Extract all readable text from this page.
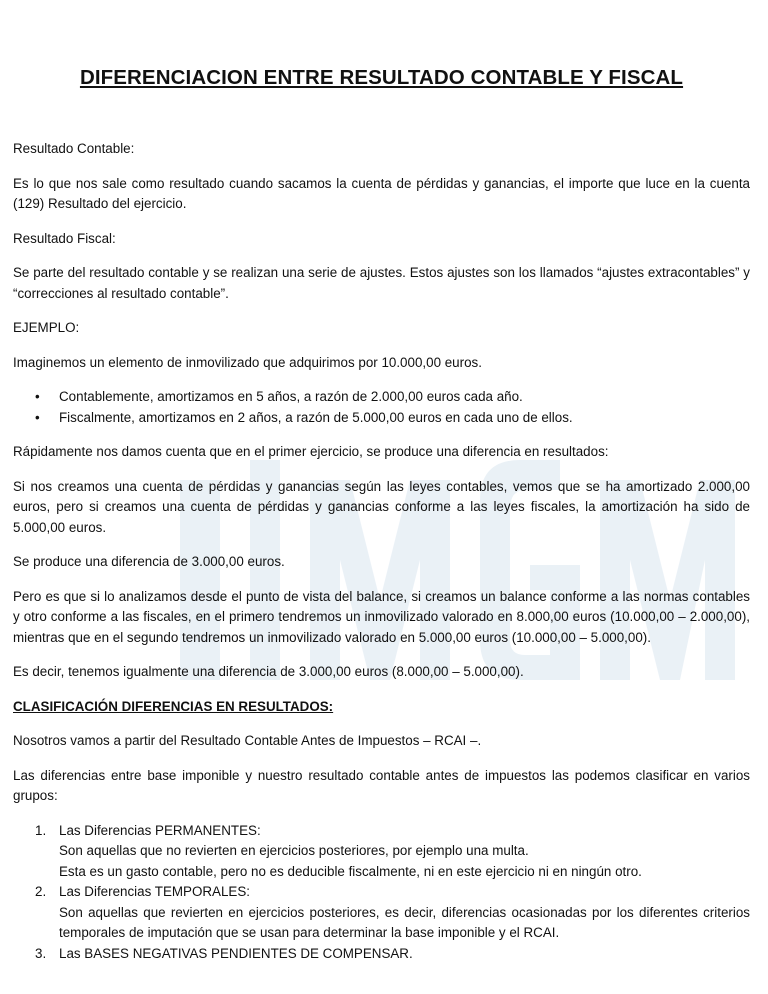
DIFERENCIACION ENTRE RESULTADO CONTABLE Y FISCAL

Resultado Contable:

Es lo que nos sale como resultado cuando sacamos la cuenta de pérdidas y ganancias, el importe que luce en la cuenta (129) Resultado del ejercicio.

Resultado Fiscal:

Se parte del resultado contable y se realizan una serie de ajustes. Estos ajustes son los llamados “ajustes extracontables” y “correcciones al resultado contable”.

EJEMPLO:

Imaginemos un elemento de inmovilizado que adquirimos por 10.000,00 euros.

• Contablemente, amortizamos en 5 años, a razón de 2.000,00 euros cada año.
• Fiscalmente, amortizamos en 2 años, a razón de 5.000,00 euros en cada uno de ellos.

Rápidamente nos damos cuenta que en el primer ejercicio, se produce una diferencia en resultados:

Si nos creamos una cuenta de pérdidas y ganancias según las leyes contables, vemos que se ha amortizado 2.000,00 euros, pero si creamos una cuenta de pérdidas y ganancias conforme a las leyes fiscales, la amortización ha sido de 5.000,00 euros.

Se produce una diferencia de 3.000,00 euros.

Pero es que si lo analizamos desde el punto de vista del balance, si creamos un balance conforme a las normas contables y otro conforme a las fiscales, en el primero tendremos un inmovilizado valorado en 8.000,00 euros (10.000,00 – 2.000,00), mientras que en el segundo tendremos un inmovilizado valorado en 5.000,00 euros (10.000,00 – 5.000,00).

Es decir, tenemos igualmente una diferencia de 3.000,00 euros (8.000,00 – 5.000,00).

CLASIFICACIÓN DIFERENCIAS EN RESULTADOS:

Nosotros vamos a partir del Resultado Contable Antes de Impuestos – RCAI –.

Las diferencias entre base imponible y nuestro resultado contable antes de impuestos las podemos clasificar en varios grupos:

1. Las Diferencias PERMANENTES:
Son aquellas que no revierten en ejercicios posteriores, por ejemplo una multa.
Esta es un gasto contable, pero no es deducible fiscalmente, ni en este ejercicio ni en ningún otro.
2. Las Diferencias TEMPORALES:
Son aquellas que revierten en ejercicios posteriores, es decir, diferencias ocasionadas por los diferentes criterios temporales de imputación que se usan para determinar la base imponible y el RCAI.
3. Las BASES NEGATIVAS PENDIENTES DE COMPENSAR.
